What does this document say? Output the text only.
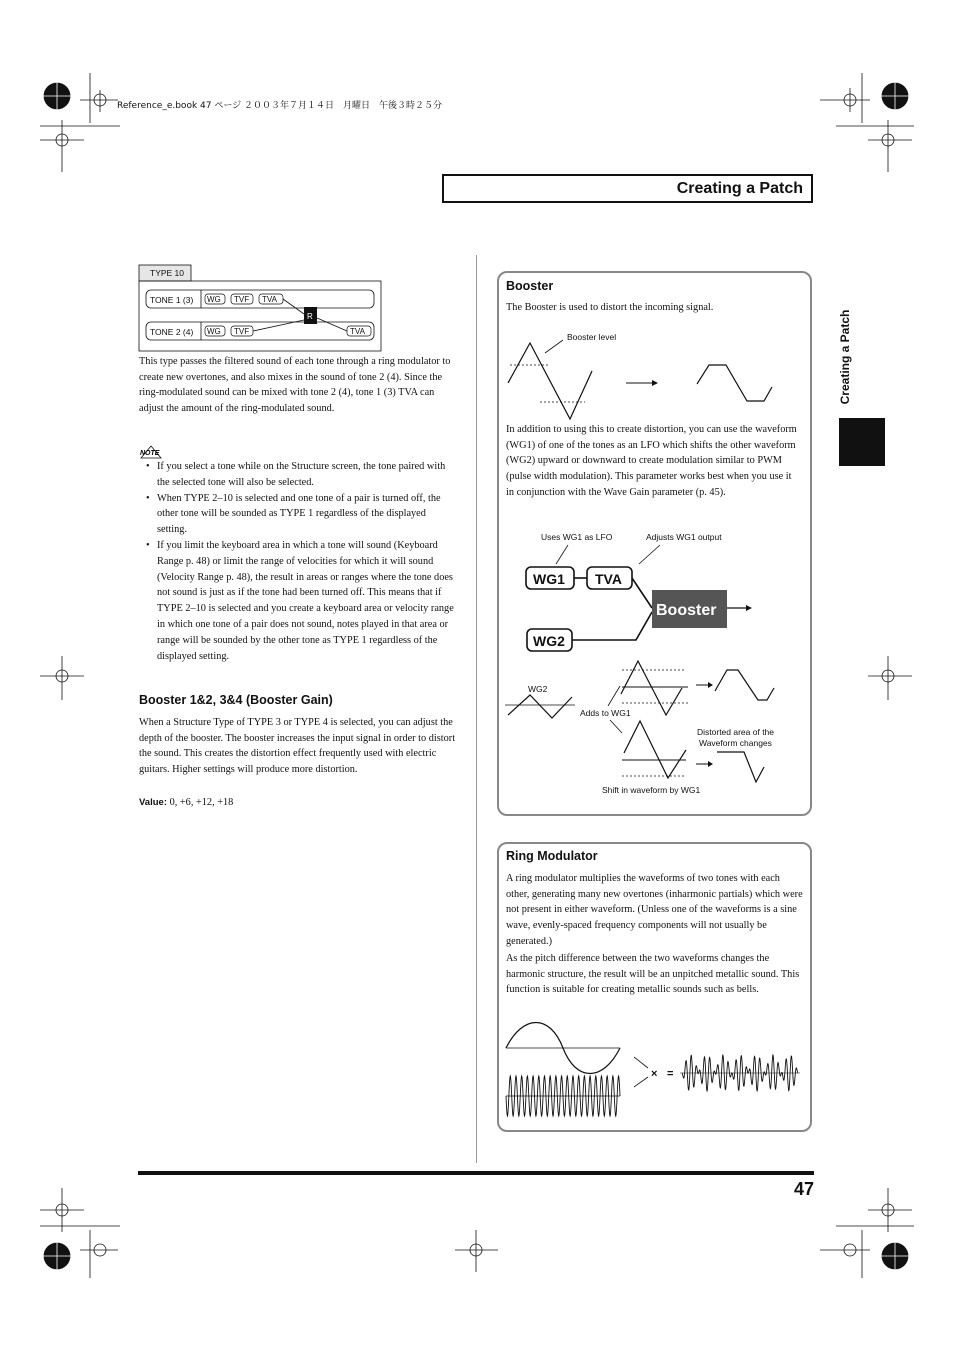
Reference_e.book 47 ページ ２００３年７月１４日　月曜日　午後３時２５分
Creating a Patch
Creating a Patch
TYPE 10
TONE 1 (3)
TONE 2 (4)
WG TVF TVA
WG TVF	TVA
R
This type passes the filtered sound of each tone through a ring modulator to create new overtones, and also mixes in the sound of tone 2 (4). Since the ring-modulated sound can be mixed with tone 2 (4), tone 1 (3) TVA can adjust the amount of the ring-modulated sound.
NOTE
• If you select a tone while on the Structure screen, the tone paired with the selected tone will also be selected.
• When TYPE 2–10 is selected and one tone of a pair is turned off, the other tone will be sounded as TYPE 1 regardless of the displayed setting.
• If you limit the keyboard area in which a tone will sound (Keyboard Range p. 48) or limit the range of velocities for which it will sound (Velocity Range p. 48), the result in areas or ranges where the tone does not sound is just as if the tone had been turned off. This means that if TYPE 2–10 is selected and you create a keyboard area or velocity range in which one tone of a pair does not sound, notes played in that area or range will be sounded by the other tone as TYPE 1 regardless of the displayed setting.
Booster 1&2, 3&4 (Booster Gain)
When a Structure Type of TYPE 3 or TYPE 4 is selected, you can adjust the depth of the booster. The booster increases the input signal in order to distort the sound. This creates the distortion effect frequently used with electric guitars. Higher settings will produce more distortion.
Value: 0, +6, +12, +18
Booster
The Booster is used to distort the incoming signal.
Booster level
In addition to using this to create distortion, you can use the waveform (WG1) of one of the tones as an LFO which shifts the other waveform (WG2) upward or downward to create modulation similar to PWM (pulse width modulation). This parameter works best when you use it in conjunction with the Wave Gain parameter (p. 45).
Uses WG1 as LFO	Adjusts WG1 output
WG1 TVA
WG2
Booster
WG2
Adds to WG1
Distorted area of the
Waveform changes
Shift in waveform by WG1
Ring Modulator
A ring modulator multiplies the waveforms of two tones with each other, generating many new overtones (inharmonic partials) which were not present in either waveform. (Unless one of the waveforms is a sine wave, evenly-spaced frequency components will not usually be generated.)
As the pitch difference between the two waveforms changes the harmonic structure, the result will be an unpitched metallic sound. This function is suitable for creating metallic sounds such as bells.
× =
47
